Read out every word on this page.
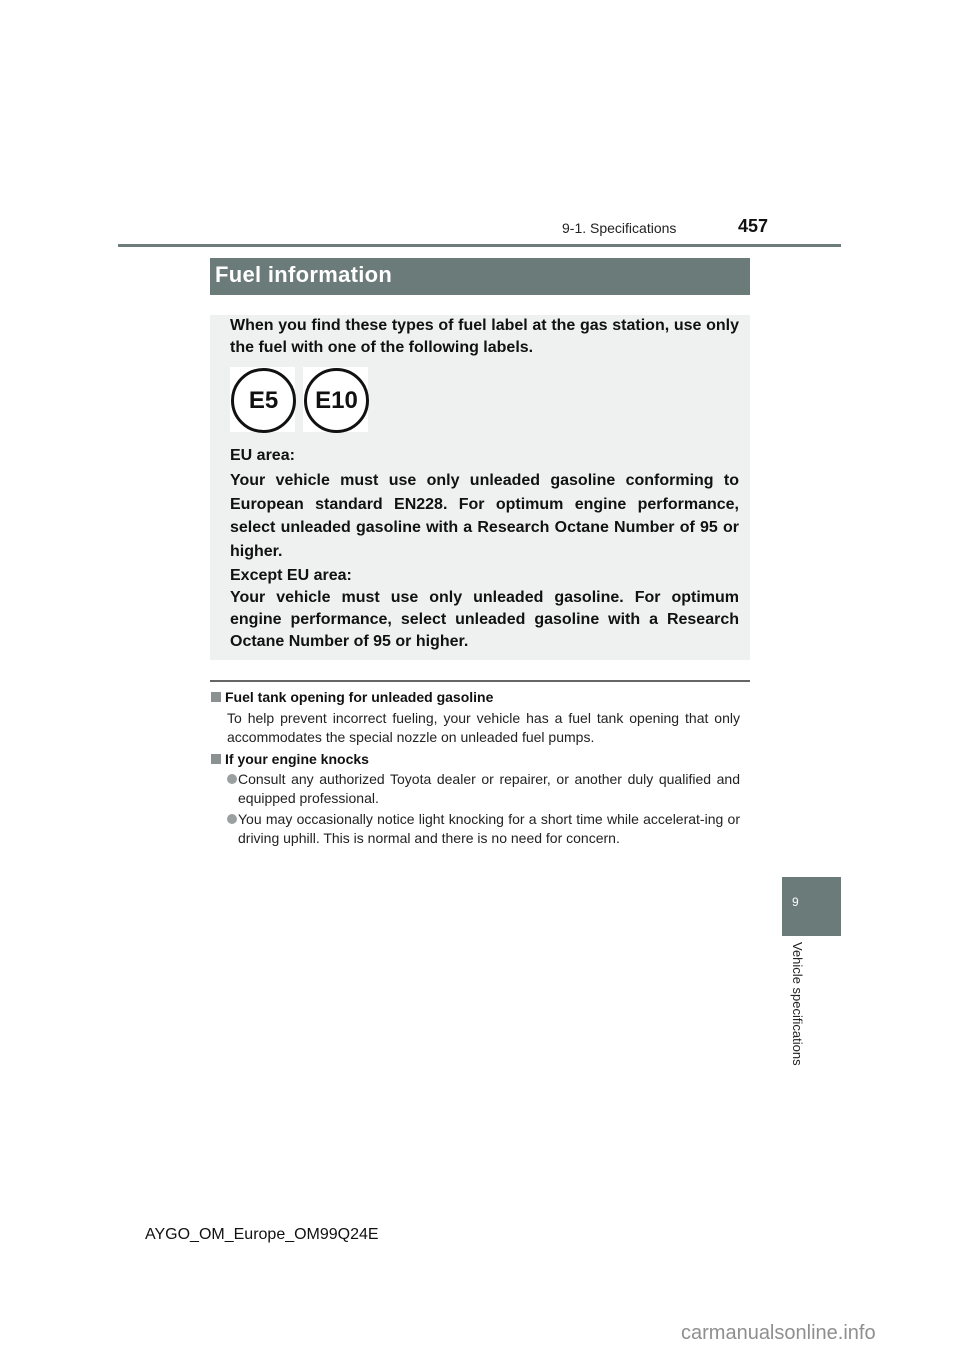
9-1. Specifications	457
Fuel information

When you find these types of fuel label at the gas station, use only the fuel with one of the following labels.

E5 E10

EU area:

Your vehicle must use only unleaded gasoline conforming to European standard EN228. For optimum engine performance, select unleaded gasoline with a Research Octane Number of 95 or higher.

Except EU area:

Your vehicle must use only unleaded gasoline. For optimum engine performance, select unleaded gasoline with a Research Octane Number of 95 or higher.

Fuel tank opening for unleaded gasoline

To help prevent incorrect fueling, your vehicle has a fuel tank opening that only accommodates the special nozzle on unleaded fuel pumps.

If your engine knocks
Consult any authorized Toyota dealer or repairer, or another duly qualified and equipped professional.
You may occasionally notice light knocking for a short time while accelerat-ing or driving uphill. This is normal and there is no need for concern.
9
Vehicle specifications
AYGO_OM_Europe_OM99Q24E
carmanualsonline.info
